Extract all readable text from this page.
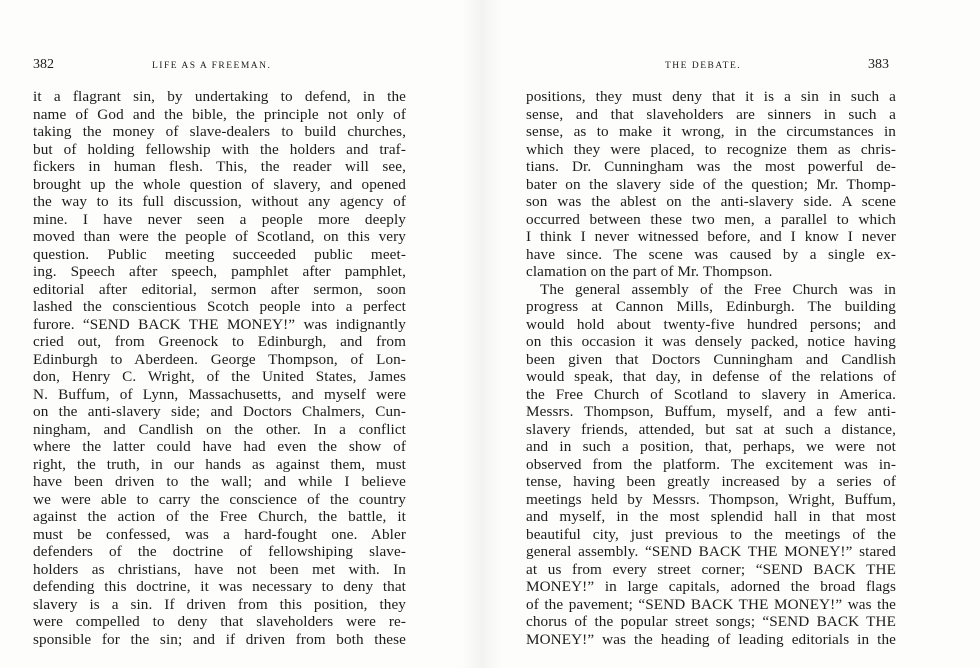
382	LIFE AS A FREEMAN.
it a flagrant sin, by undertaking to defend, in the
name of God and the bible, the principle not only of
taking the money of slave-dealers to build churches,
but of holding fellowship with the holders and traf-
fickers in human flesh. This, the reader will see,
brought up the whole question of slavery, and opened
the way to its full discussion, without any agency of
mine. I have never seen a people more deeply
moved than were the people of Scotland, on this very
question. Public meeting succeeded public meet-
ing. Speech after speech, pamphlet after pamphlet,
editorial after editorial, sermon after sermon, soon
lashed the conscientious Scotch people into a perfect
furore. “SEND BACK THE MONEY!” was indignantly
cried out, from Greenock to Edinburgh, and from
Edinburgh to Aberdeen. George Thompson, of Lon-
don, Henry C. Wright, of the United States, James
N. Buffum, of Lynn, Massachusetts, and myself were
on the anti-slavery side; and Doctors Chalmers, Cun-
ningham, and Candlish on the other. In a conflict
where the latter could have had even the show of
right, the truth, in our hands as against them, must
have been driven to the wall; and while I believe
we were able to carry the conscience of the country
against the action of the Free Church, the battle, it
must be confessed, was a hard-fought one. Abler
defenders of the doctrine of fellowshiping slave-
holders as christians, have not been met with. In
defending this doctrine, it was necessary to deny that
slavery is a sin. If driven from this position, they
were compelled to deny that slaveholders were re-
sponsible for the sin; and if driven from both these
THE DEBATE.	383
positions, they must deny that it is a sin in such a
sense, and that slaveholders are sinners in such a
sense, as to make it wrong, in the circumstances in
which they were placed, to recognize them as chris-
tians. Dr. Cunningham was the most powerful de-
bater on the slavery side of the question; Mr. Thomp-
son was the ablest on the anti-slavery side. A scene
occurred between these two men, a parallel to which
I think I never witnessed before, and I know I never
have since. The scene was caused by a single ex-
clamation on the part of Mr. Thompson.
The general assembly of the Free Church was in
progress at Cannon Mills, Edinburgh. The building
would hold about twenty-five hundred persons; and
on this occasion it was densely packed, notice having
been given that Doctors Cunningham and Candlish
would speak, that day, in defense of the relations of
the Free Church of Scotland to slavery in America.
Messrs. Thompson, Buffum, myself, and a few anti-
slavery friends, attended, but sat at such a distance,
and in such a position, that, perhaps, we were not
observed from the platform. The excitement was in-
tense, having been greatly increased by a series of
meetings held by Messrs. Thompson, Wright, Buffum,
and myself, in the most splendid hall in that most
beautiful city, just previous to the meetings of the
general assembly. “SEND BACK THE MONEY!” stared
at us from every street corner; “SEND BACK THE
MONEY!” in large capitals, adorned the broad flags
of the pavement; “SEND BACK THE MONEY!” was the
chorus of the popular street songs; “SEND BACK THE
MONEY!” was the heading of leading editorials in the
